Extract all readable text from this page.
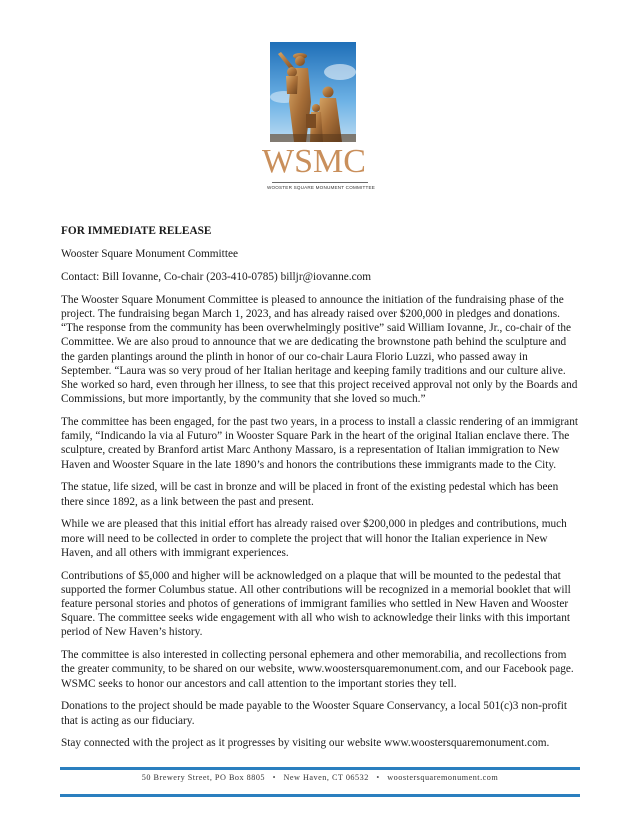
WSMC
WOOSTER SQUARE MONUMENT COMMITTEE

FOR IMMEDIATE RELEASE

Wooster Square Monument Committee

Contact: Bill Iovanne, Co-chair (203-410-0785) billjr@iovanne.com

The Wooster Square Monument Committee is pleased to announce the initiation of the fundraising phase of the project. The fundraising began March 1, 2023, and has already raised over $200,000 in pledges and donations. “The response from the community has been overwhelmingly positive” said William Iovanne, Jr., co-chair of the Committee. We are also proud to announce that we are dedicating the brownstone path behind the sculpture and the garden plantings around the plinth in honor of our co-chair Laura Florio Luzzi, who passed away in September. “Laura was so very proud of her Italian heritage and keeping family traditions and our culture alive. She worked so hard, even through her illness, to see that this project received approval not only by the Boards and Commissions, but more importantly, by the community that she loved so much.”

The committee has been engaged, for the past two years, in a process to install a classic rendering of an immigrant family, “Indicando la via al Futuro” in Wooster Square Park in the heart of the original Italian enclave there. The sculpture, created by Branford artist Marc Anthony Massaro, is a representation of Italian immigration to New Haven and Wooster Square in the late 1890’s and honors the contributions these immigrants made to the City.

The statue, life sized, will be cast in bronze and will be placed in front of the existing pedestal which has been there since 1892, as a link between the past and present.

While we are pleased that this initial effort has already raised over $200,000 in pledges and contributions, much more will need to be collected in order to complete the project that will honor the Italian experience in New Haven, and all others with immigrant experiences.

Contributions of $5,000 and higher will be acknowledged on a plaque that will be mounted to the pedestal that supported the former Columbus statue. All other contributions will be recognized in a memorial booklet that will feature personal stories and photos of generations of immigrant families who settled in New Haven and Wooster Square. The committee seeks wide engagement with all who wish to acknowledge their links with this important period of New Haven’s history.

The committee is also interested in collecting personal ephemera and other memorabilia, and recollections from the greater community, to be shared on our website, www.woostersquaremonument.com, and our Facebook page. WSMC seeks to honor our ancestors and call attention to the important stories they tell.

Donations to the project should be made payable to the Wooster Square Conservancy, a local 501(c)3 non-profit that is acting as our fiduciary.

Stay connected with the project as it progresses by visiting our website www.woostersquaremonument.com.

50 Brewery Street, PO Box 8805 • New Haven, CT 06532 • woostersquaremonument.com
